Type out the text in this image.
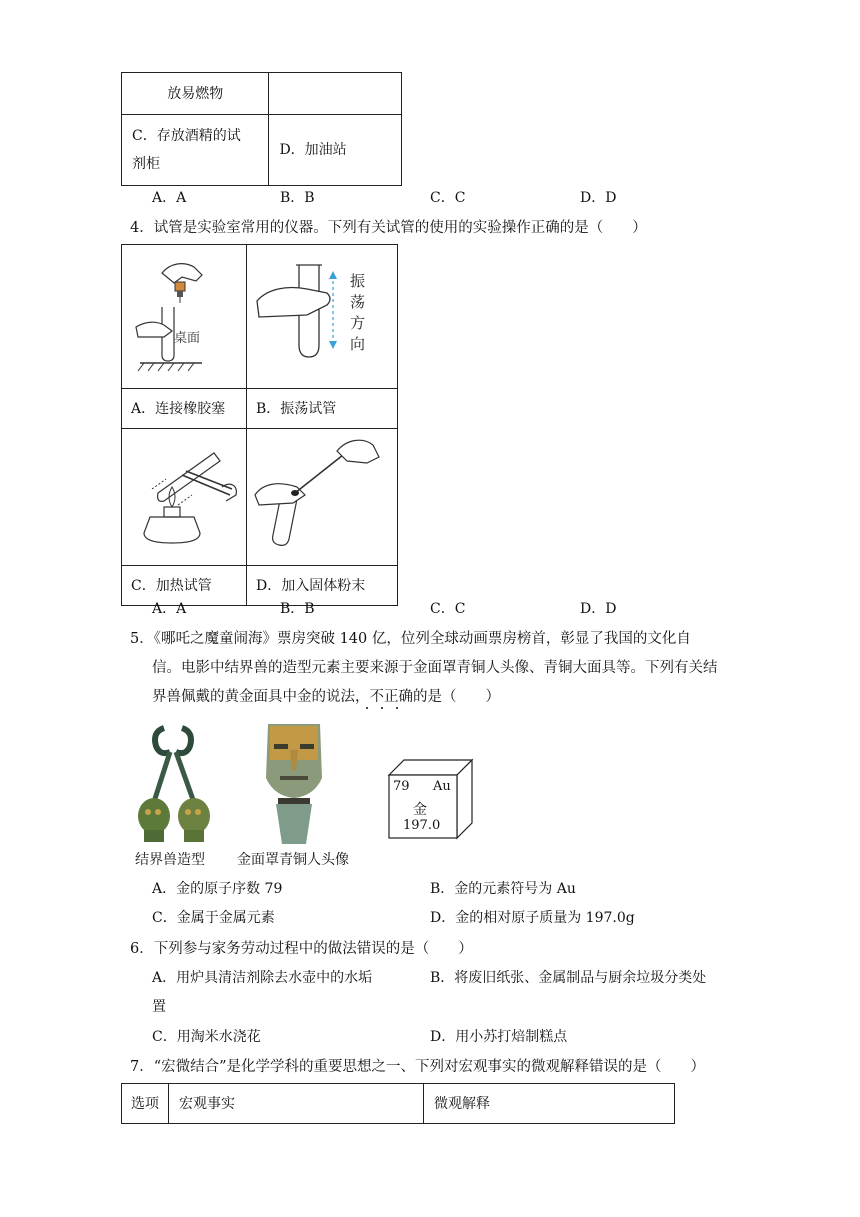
放易燃物	

C．存放酒精的试
剂柜	D．加油站
A．A	B．B	C．C	D．D
4．试管是实验室常用的仪器。下列有关试管的使用的实验操作正确的是（　　）
桌面	振
荡
方
向

A．连接橡胶塞	B．振荡试管

C．加热试管	D．加入固体粉末
A．A	B．B	C．C	D．D
5．《哪吒之魔童闹海》票房突破 140 亿，位列全球动画票房榜首，彰显了我国的文化自
信。电影中结界兽的造型元素主要来源于金面罩青铜人头像、青铜大面具等。下列有关结
界兽佩戴的黄金面具中金的说法，不正确的是（　　）
结界兽造型 金面罩青铜人头像
79 Au
金
197.0
A．金的原子序数 79	B．金的元素符号为 Au
C．金属于金属元素	D．金的相对原子质量为 197.0g
6．下列参与家务劳动过程中的做法错误的是（　　）
A．用炉具清洁剂除去水壶中的水垢	B．将废旧纸张、金属制品与厨余垃圾分类处
置
C．用淘米水浇花	D．用小苏打焙制糕点
7．“宏微结合”是化学学科的重要思想之一、下列对宏观事实的微观解释错误的是（　　）
选项	宏观事实	微观解释
